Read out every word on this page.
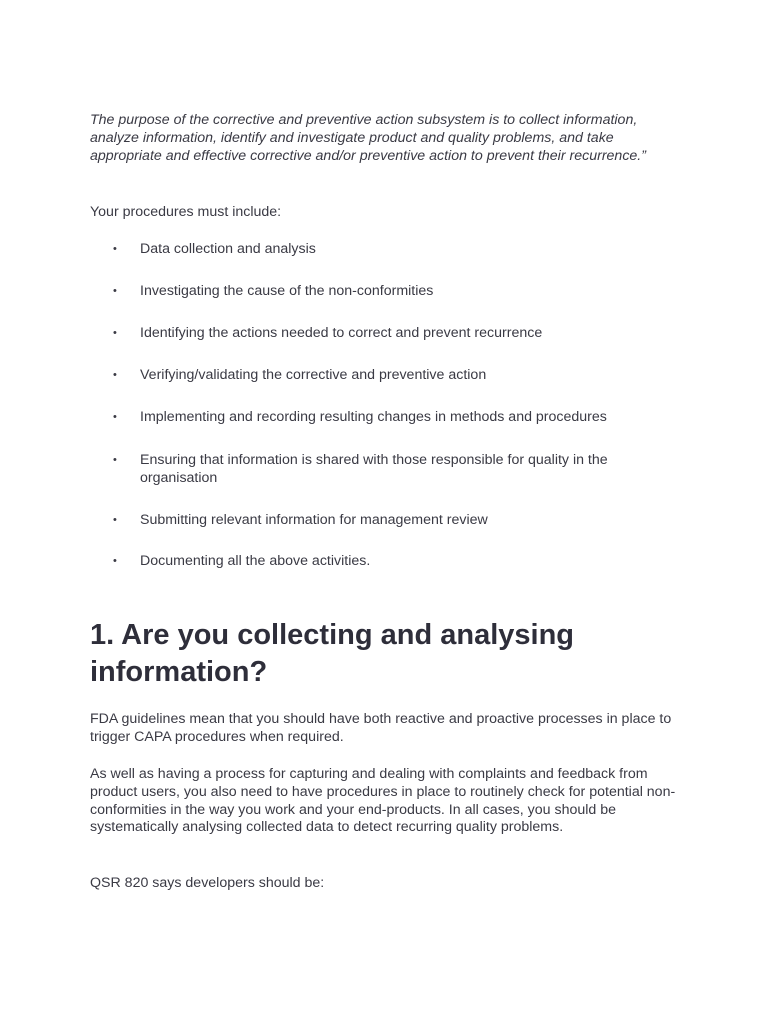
The purpose of the corrective and preventive action subsystem is to collect information, analyze information, identify and investigate product and quality problems, and take appropriate and effective corrective and/or preventive action to prevent their recurrence.”

Your procedures must include:

•	Data collection and analysis
•	Investigating the cause of the non-conformities
•	Identifying the actions needed to correct and prevent recurrence
•	Verifying/validating the corrective and preventive action
•	Implementing and recording resulting changes in methods and procedures
•	Ensuring that information is shared with those responsible for quality in the organisation
•	Submitting relevant information for management review
•	Documenting all the above activities.
1. Are you collecting and analysing information?

FDA guidelines mean that you should have both reactive and proactive processes in place to trigger CAPA procedures when required.

As well as having a process for capturing and dealing with complaints and feedback from product users, you also need to have procedures in place to routinely check for potential non-conformities in the way you work and your end-products. In all cases, you should be systematically analysing collected data to detect recurring quality problems.

QSR 820 says developers should be:
